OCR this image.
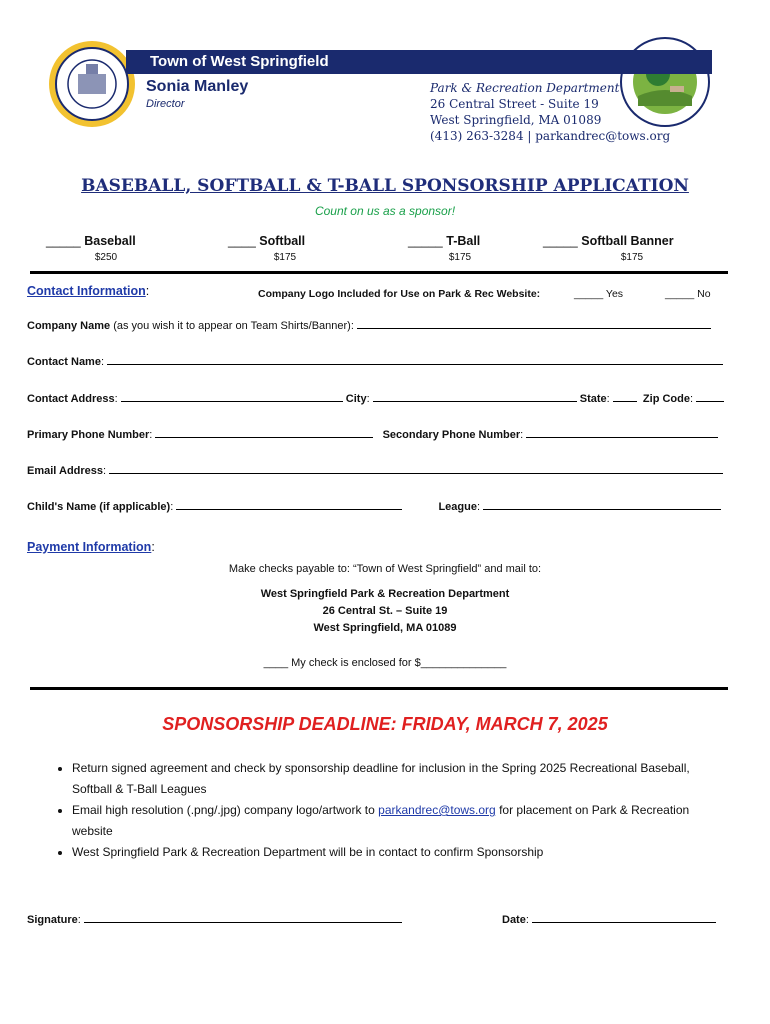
Town of West Springfield
Sonia Manley
Director
Park & Recreation Department
26 Central Street - Suite 19
West Springfield, MA 01089
(413) 263-3284 | parkandrec@tows.org
BASEBALL, SOFTBALL & T-BALL SPONSORSHIP APPLICATION
Count on us as a sponsor!
_____ Baseball
$250
____ Softball
$175
_____ T-Ball
$175
_____ Softball Banner
$175
Contact Information:	Company Logo Included for Use on Park & Rec Website:	_____ Yes	_____ No
Company Name (as you wish it to appear on Team Shirts/Banner):
Contact Name:
Contact Address:	City:	State:	Zip Code:
Primary Phone Number:	Secondary Phone Number:
Email Address:
Child's Name (if applicable):	League:
Payment Information:
Make checks payable to: “Town of West Springfield” and mail to:
West Springfield Park & Recreation Department
26 Central St. – Suite 19
West Springfield, MA 01089
____ My check is enclosed for $______________
SPONSORSHIP DEADLINE: FRIDAY, MARCH 7, 2025
• Return signed agreement and check by sponsorship deadline for inclusion in the Spring 2025 Recreational Baseball, Softball & T-Ball Leagues
• Email high resolution (.png/.jpg) company logo/artwork to parkandrec@tows.org for placement on Park & Recreation website
• West Springfield Park & Recreation Department will be in contact to confirm Sponsorship
Signature:	Date:
